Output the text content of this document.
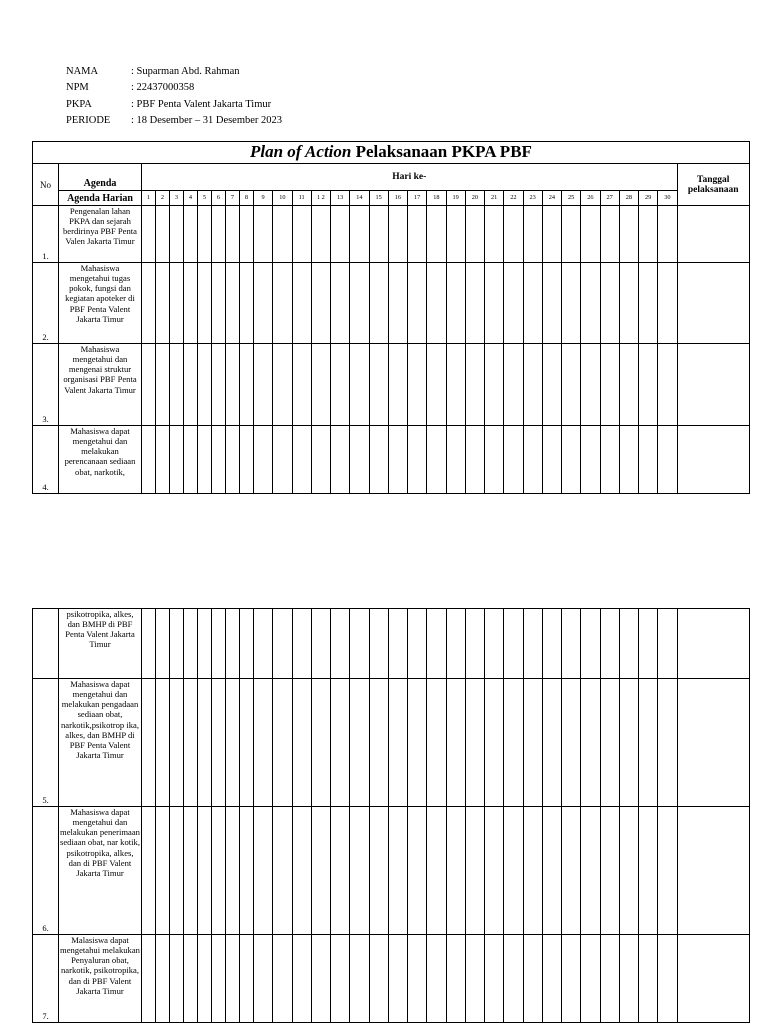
NAMA	: Suparman Abd. Rahman
NPM	: 22437000358
PKPA	: PBF Penta Valent Jakarta Timur
PERIODE	: 18 Desember – 31 Desember 2023
Plan of Action Pelaksanaan PKPA PBF																																	
No	Agenda	Hari ke-																														Tanggal pelaksanaan	
	Agenda Harian	1	2	3	4	5	6	7	8	9	10	11	1 2	13	14	15	16	17	18	19	20	21	22	23	24	25	26	27	28	29	30		
1.	Pengenalan lahan PKPA dan sejarah berdirinya PBF Penta Valen Jakarta Timur																																
2.	Mahasiswa mengetahui tugas pokok, fungsi dan kegiatan apoteker di PBF Penta Valent Jakarta Timur																																
3.	Mahasiswa mengetahui dan mengenai struktur organisasi PBF Penta Valent Jakarta Timur																																
4.	Mahasiswa dapat mengetahui dan melakukan perencanaan sediaan obat, narkotik,																																
	psikotropika, alkes, dan BMHP di PBF Penta Valent Jakarta Timur																															
5.	Mahasiswa dapat mengetahui dan melakukan pengadaan sediaan obat, narkotik,psikotrop ika, alkes, dan BMHP di PBF Penta Valent Jakarta Timur																															
6.	Mahasiswa dapat mengetahui dan melakukan penerimaan sediaan obat, nar kotik, psikotropika, alkes, dan di PBF Valent Jakarta Timur																															
7.	Malasiswa dapat mengetahui melakukan Penyaluran obat, narkotik, psikotropika, dan di PBF Valent Jakarta Timur																															
